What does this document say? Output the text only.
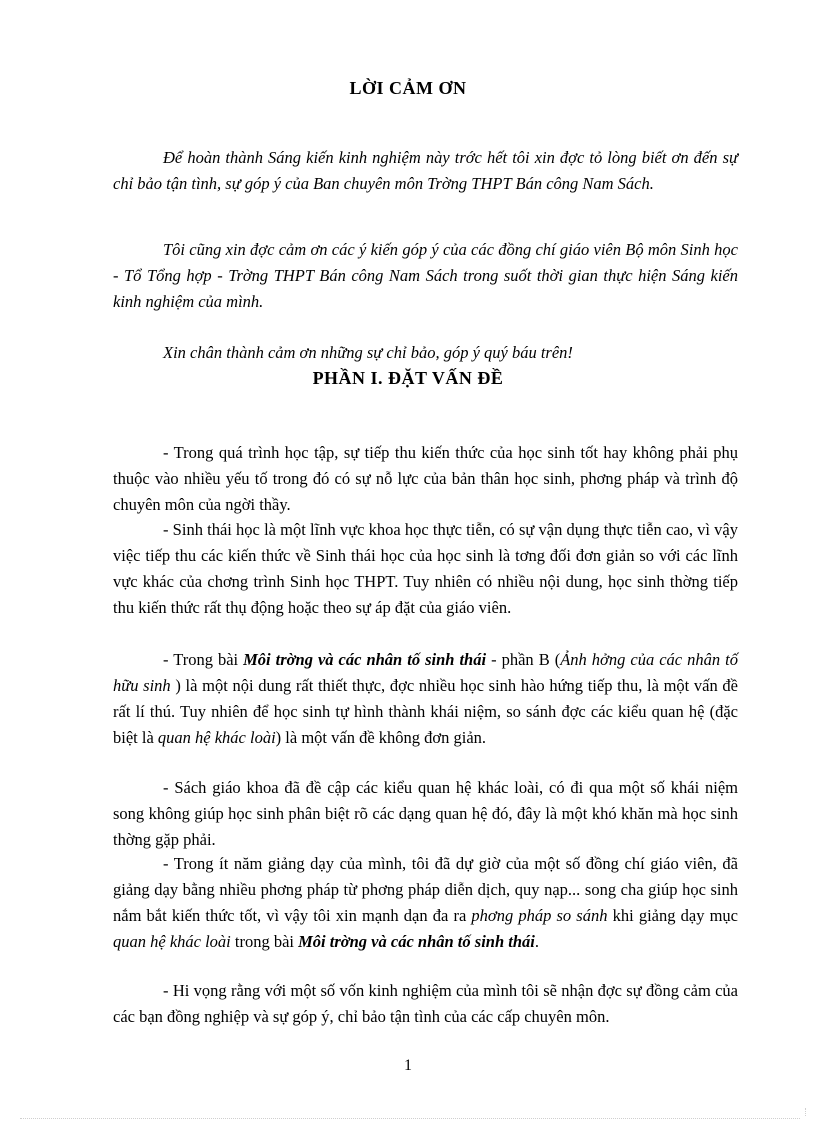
LỜI CẢM ƠN

Để hoàn thành Sáng kiến kinh nghiệm này trớc hết tôi xin đợc tỏ lòng biết ơn đến sự chỉ bảo tận tình, sự góp ý của Ban chuyên môn Trờng THPT Bán công Nam Sách.

Tôi cũng xin đợc cảm ơn các ý kiến góp ý của các đồng chí giáo viên Bộ môn Sinh học - Tổ Tổng hợp - Trờng THPT Bán công Nam Sách trong suốt thời gian thực hiện Sáng kiến kinh nghiệm của mình.

Xin chân thành cảm ơn những sự chỉ bảo, góp ý quý báu trên!

PHẦN I. ĐẶT VẤN ĐỀ

- Trong quá trình học tập, sự tiếp thu kiến thức của học sinh tốt hay không phải phụ thuộc vào nhiều yếu tố trong đó có sự nỗ lực của bản thân học sinh, phơng pháp và trình độ chuyên môn của ngời thầy.

- Sinh thái học là một lĩnh vực khoa học thực tiễn, có sự vận dụng thực tiễn cao, vì vậy việc tiếp thu các kiến thức về Sinh thái học của học sinh là tơng đối đơn giản so với các lĩnh vực khác của chơng trình Sinh học THPT. Tuy nhiên có nhiều nội dung, học sinh thờng tiếp thu kiến thức rất thụ động hoặc theo sự áp đặt của giáo viên.

- Trong bài Môi trờng và các nhân tố sinh thái - phần B (Ảnh hởng của các nhân tố hữu sinh ) là một nội dung rất thiết thực, đợc nhiều học sinh hào hứng tiếp thu, là một vấn đề rất lí thú. Tuy nhiên để học sinh tự hình thành khái niệm, so sánh đợc các kiểu quan hệ (đặc biệt là quan hệ khác loài) là một vấn đề không đơn giản.

- Sách giáo khoa đã đề cập các kiểu quan hệ khác loài, có đi qua một số khái niệm song không giúp học sinh phân biệt rõ các dạng quan hệ đó, đây là một khó khăn mà học sinh thờng gặp phải.

- Trong ít năm giảng dạy của mình, tôi đã dự giờ của một số đồng chí giáo viên, đã giảng dạy bằng nhiều phơng pháp từ phơng pháp diễn dịch, quy nạp... song cha giúp học sinh nắm bắt kiến thức tốt, vì vậy tôi xin mạnh dạn đa ra phơng pháp so sánh khi giảng dạy mục quan hệ khác loài trong bài Môi trờng và các nhân tố sinh thái.

- Hi vọng rằng với một số vốn kinh nghiệm của mình tôi sẽ nhận đợc sự đồng cảm của các bạn đồng nghiệp và sự góp ý, chỉ bảo tận tình của các cấp chuyên môn.

1
